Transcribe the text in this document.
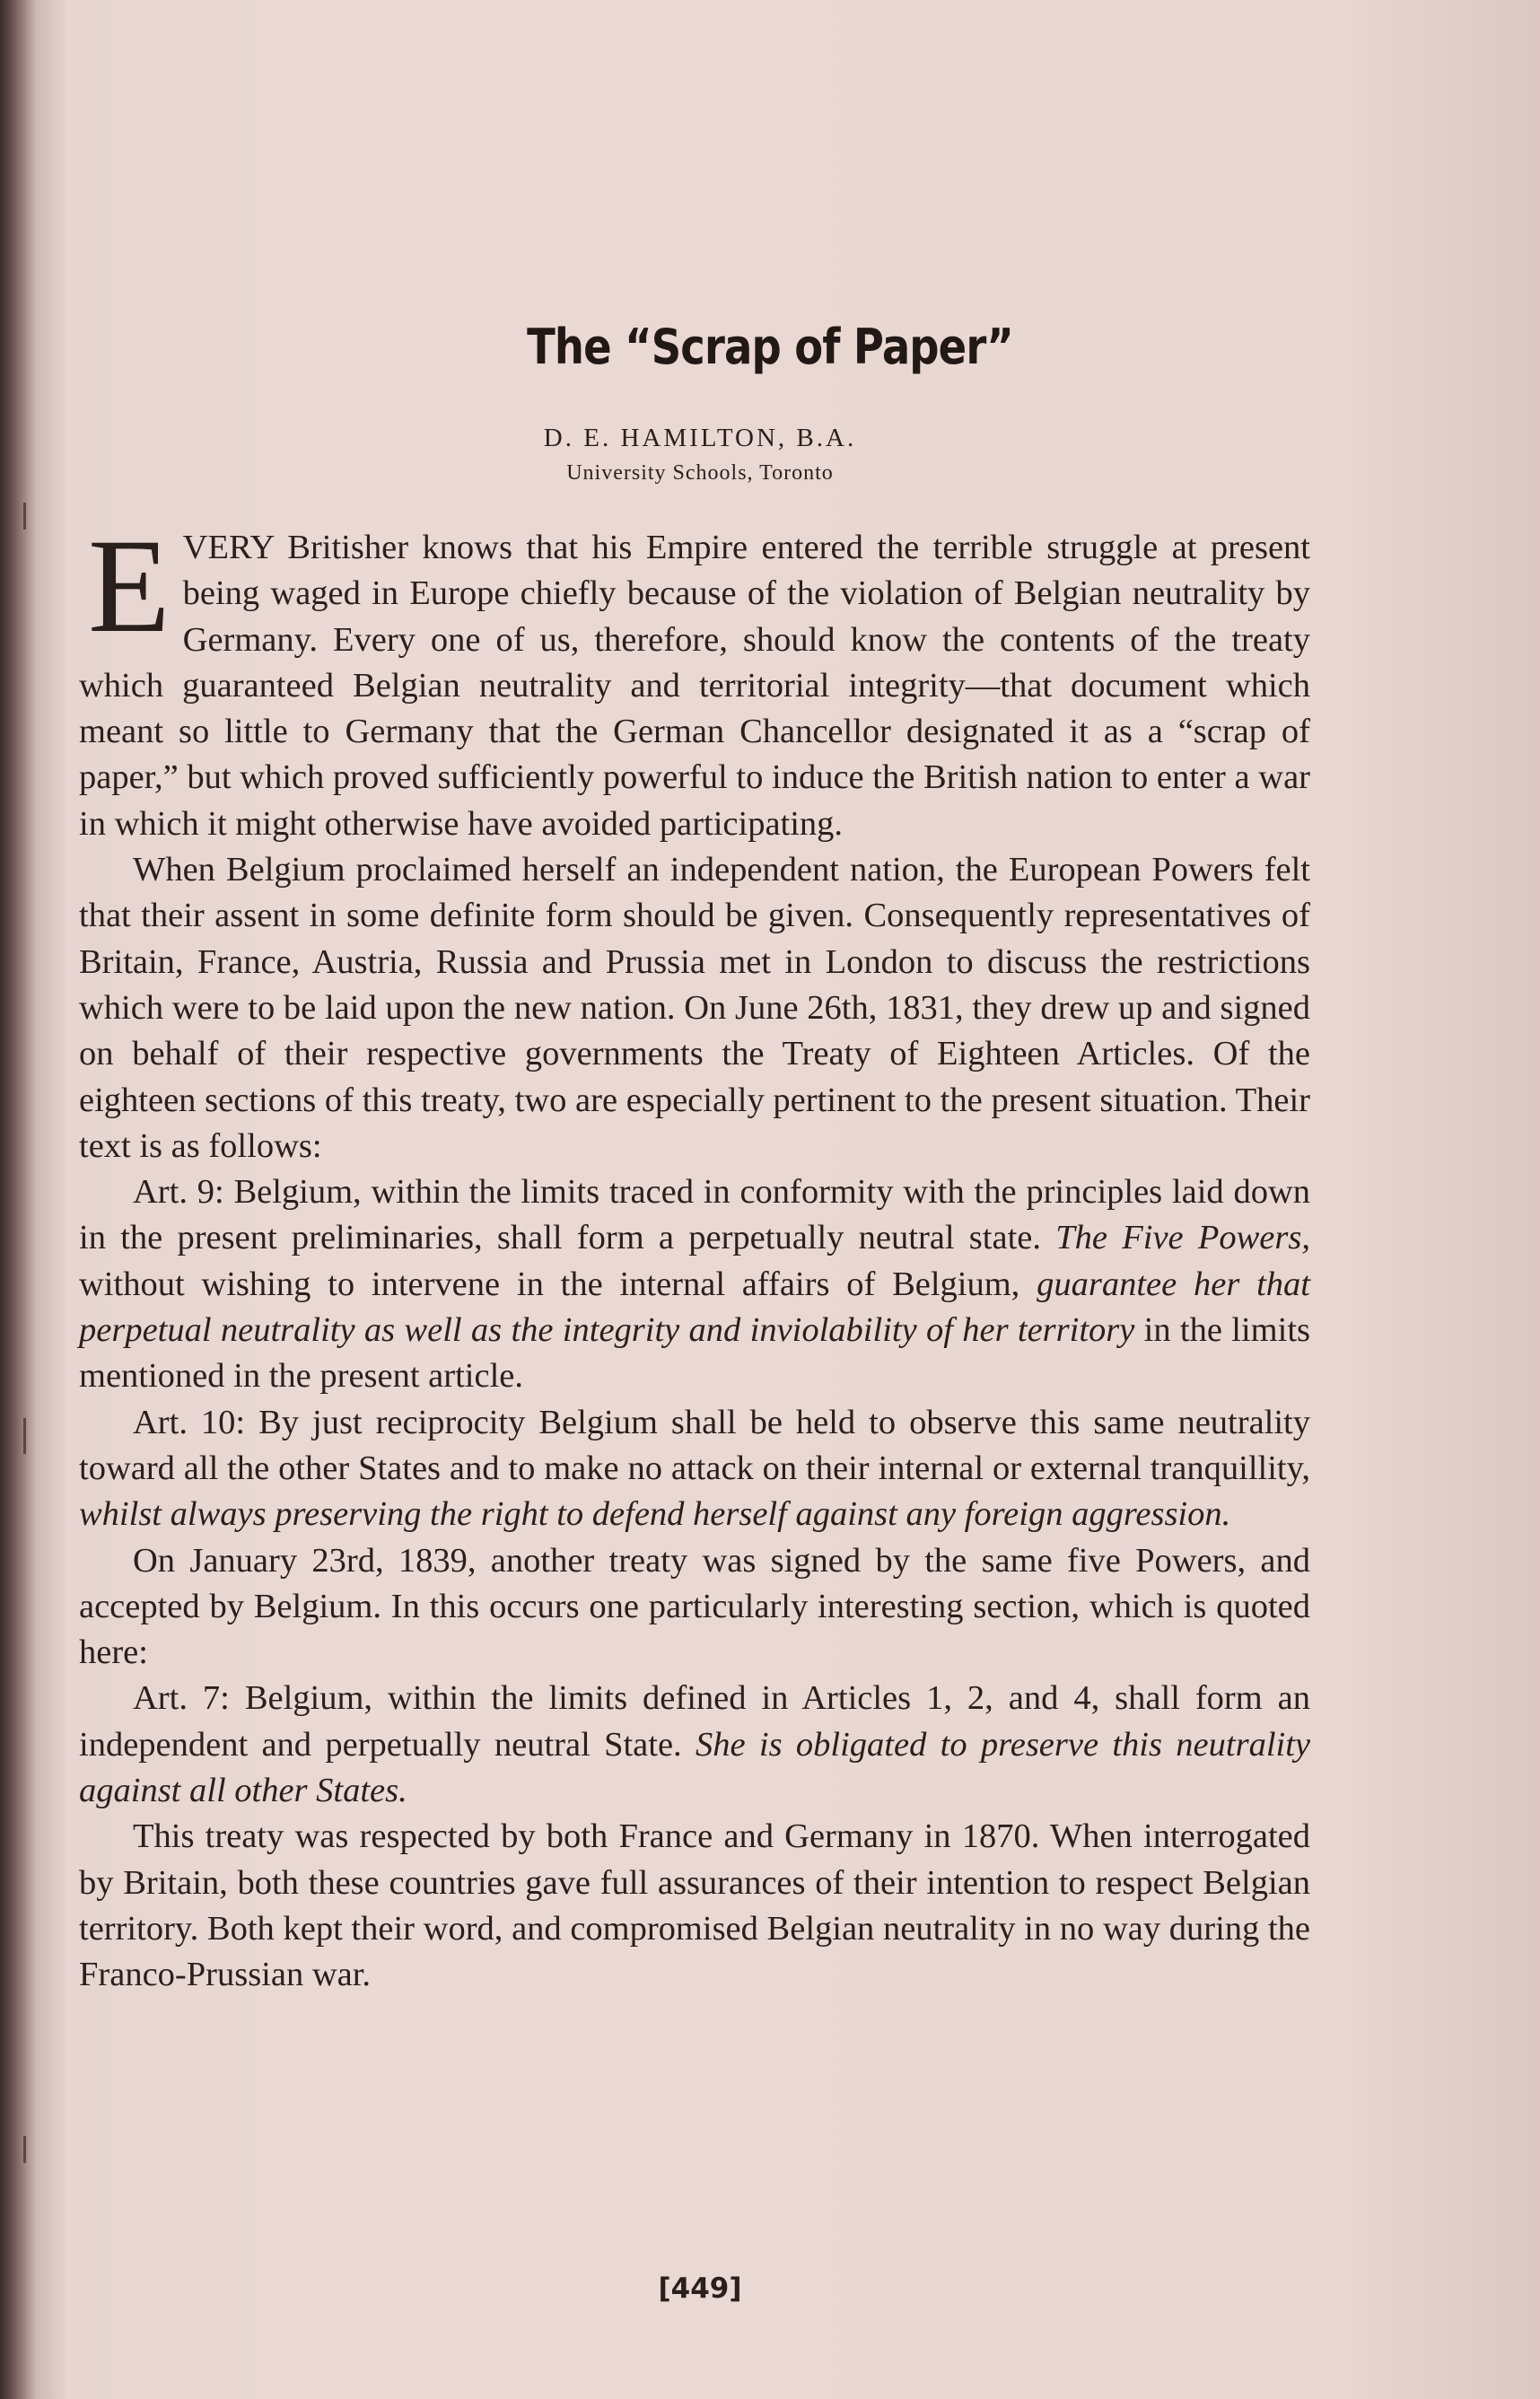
The “Scrap of Paper”
D. E. HAMILTON, B.A.
University Schools, Toronto

EVERY Britisher knows that his Empire entered the terrible struggle at present being waged in Europe chiefly because of the violation of Belgian neutrality by Germany. Every one of us, therefore, should know the contents of the treaty which guaranteed Belgian neutrality and territorial integrity—that document which meant so little to Germany that the German Chancellor designated it as a “scrap of paper,” but which proved sufficiently powerful to induce the British nation to enter a war in which it might otherwise have avoided participating.

When Belgium proclaimed herself an independent nation, the European Powers felt that their assent in some definite form should be given. Consequently representatives of Britain, France, Austria, Russia and Prussia met in London to discuss the restrictions which were to be laid upon the new nation. On June 26th, 1831, they drew up and signed on behalf of their respective governments the Treaty of Eighteen Articles. Of the eighteen sections of this treaty, two are especially pertinent to the present situation. Their text is as follows:

Art. 9: Belgium, within the limits traced in conformity with the principles laid down in the present preliminaries, shall form a perpetually neutral state. The Five Powers, without wishing to intervene in the internal affairs of Belgium, guarantee her that perpetual neutrality as well as the integrity and inviolability of her territory in the limits mentioned in the present article.

Art. 10: By just reciprocity Belgium shall be held to observe this same neutrality toward all the other States and to make no attack on their internal or external tranquillity, whilst always preserving the right to defend herself against any foreign aggression.

On January 23rd, 1839, another treaty was signed by the same five Powers, and accepted by Belgium. In this occurs one particularly interesting section, which is quoted here:

Art. 7: Belgium, within the limits defined in Articles 1, 2, and 4, shall form an independent and perpetually neutral State. She is obligated to preserve this neutrality against all other States.

This treaty was respected by both France and Germany in 1870. When interrogated by Britain, both these countries gave full assurances of their intention to respect Belgian territory. Both kept their word, and compromised Belgian neutrality in no way during the Franco-Prussian war.

[449]
